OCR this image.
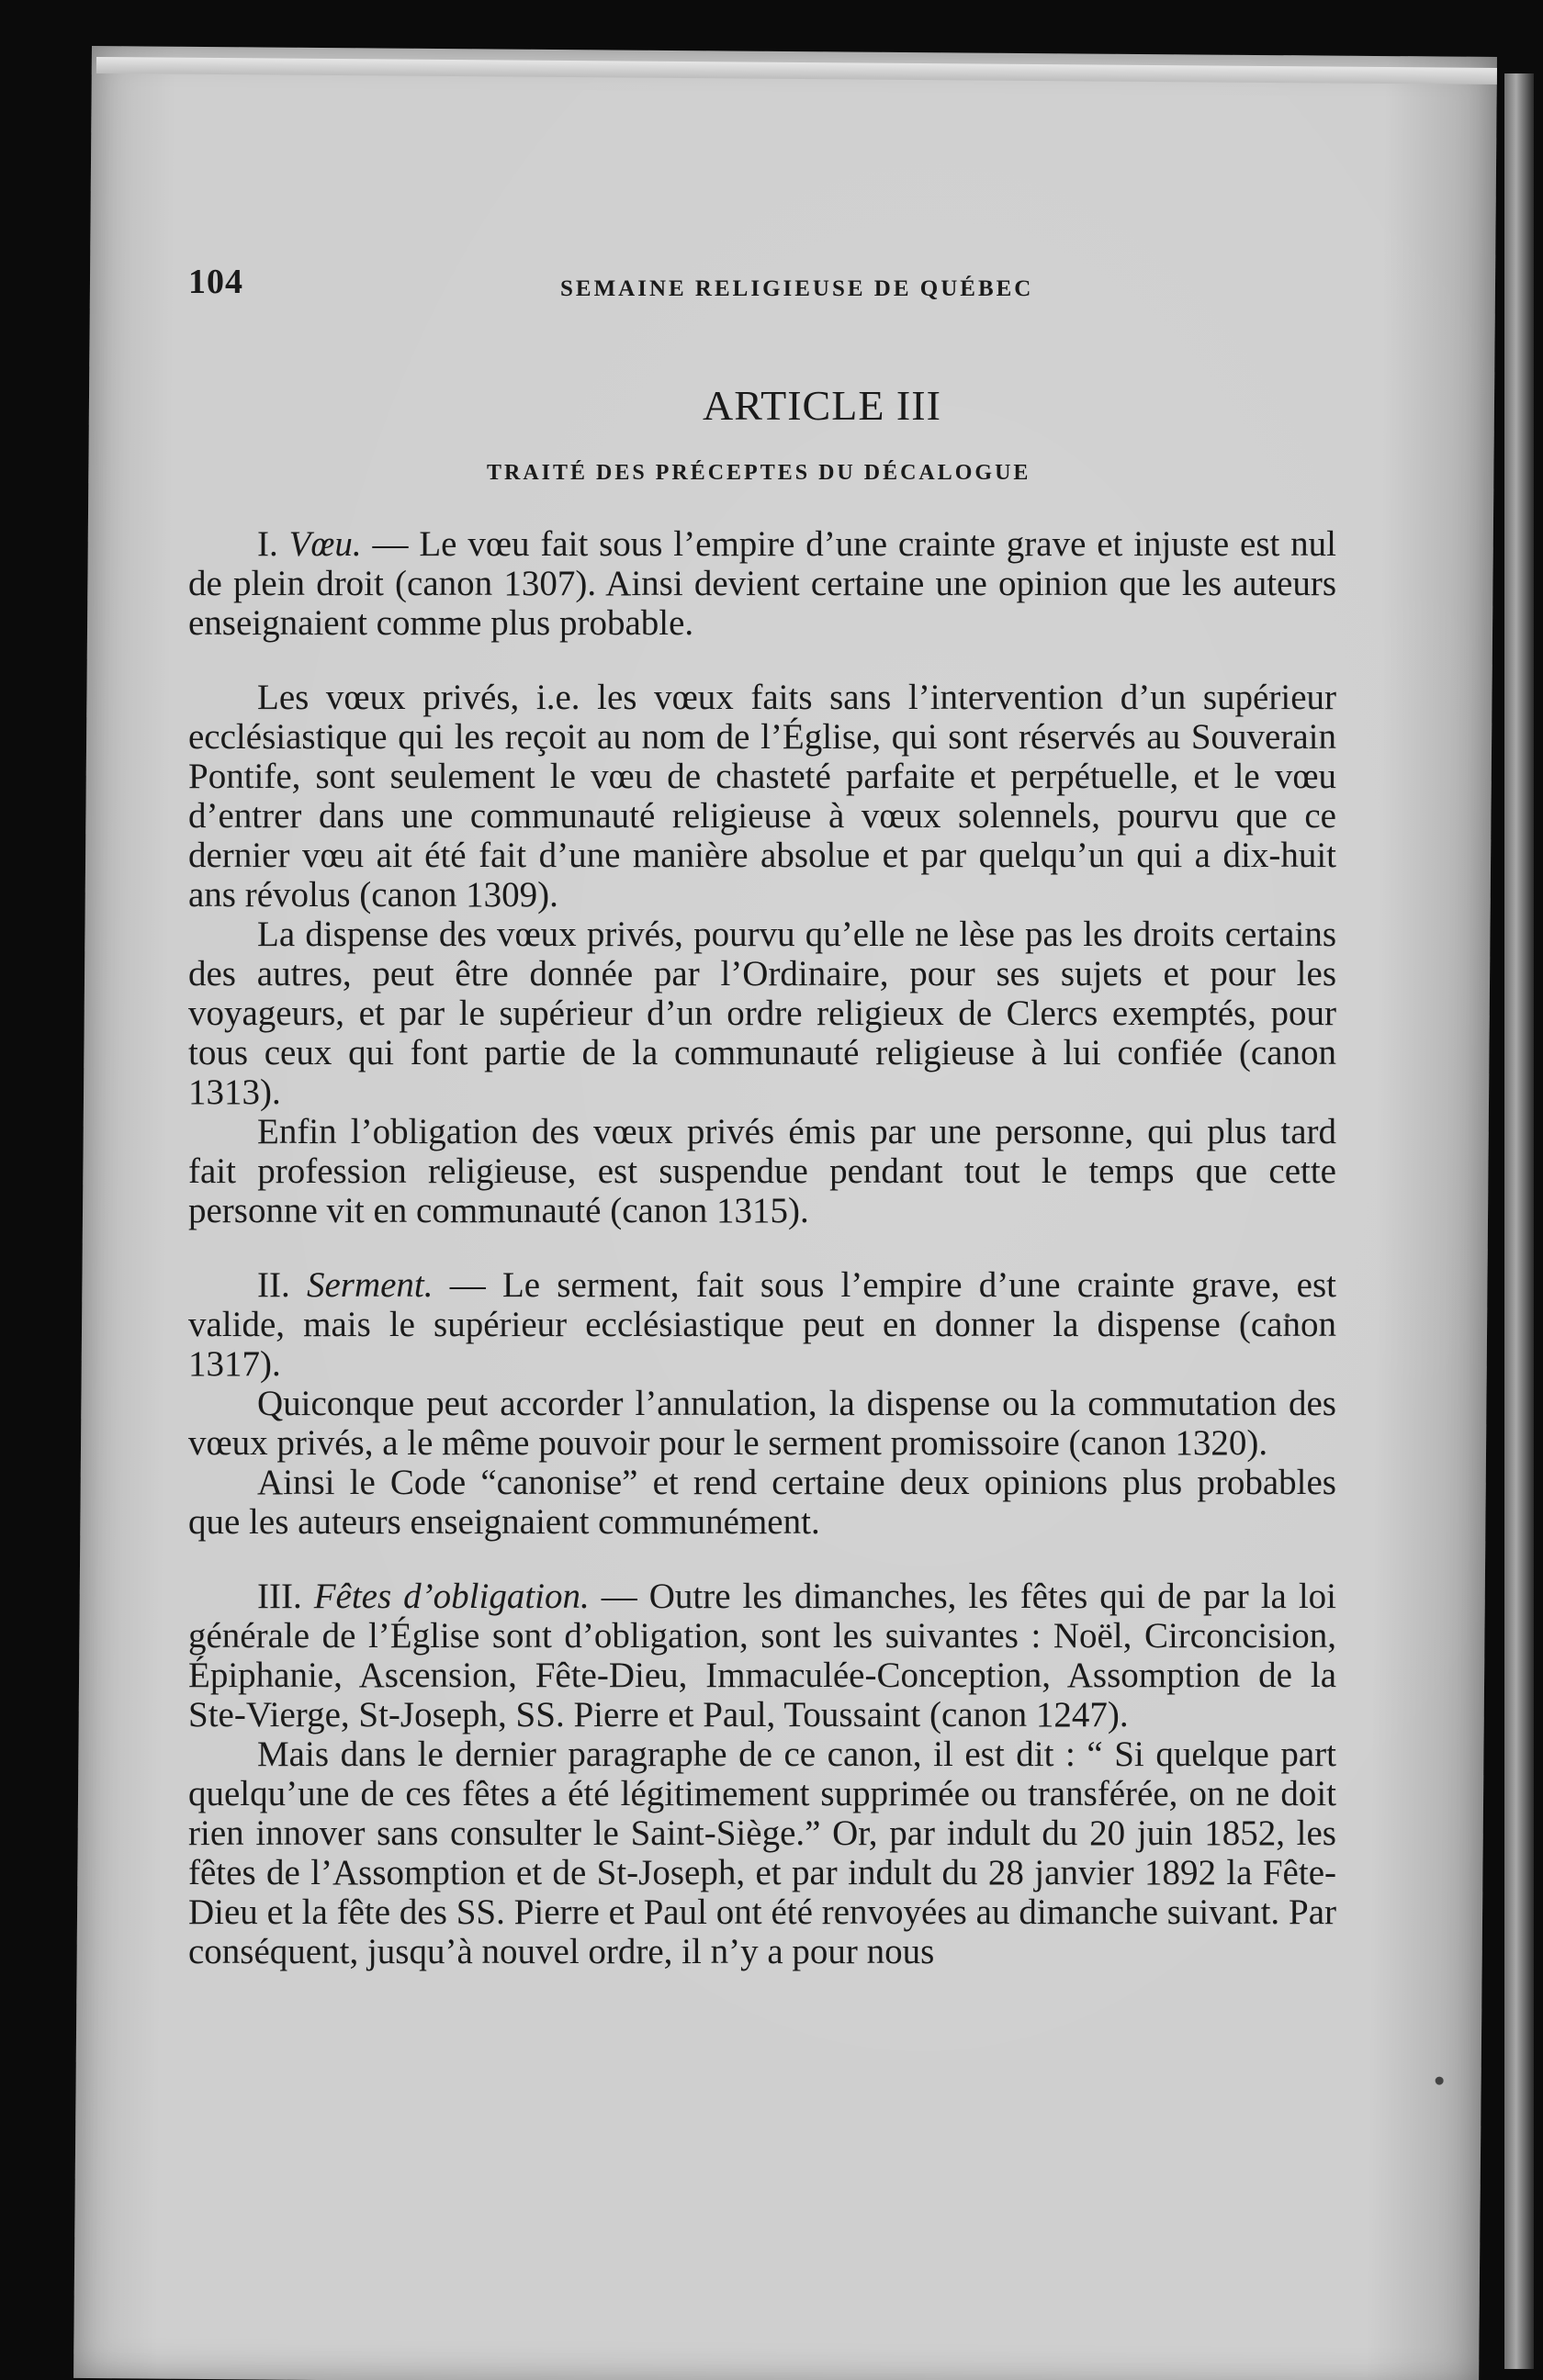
104	SEMAINE RELIGIEUSE DE QUÉBEC
ARTICLE III
TRAITÉ DES PRÉCEPTES DU DÉCALOGUE

I. Vœu. — Le vœu fait sous l’empire d’une crainte grave et injuste est nul de plein droit (canon 1307). Ainsi devient certaine une opinion que les auteurs enseignaient comme plus probable.

Les vœux privés, i.e. les vœux faits sans l’intervention d’un supérieur ecclésiastique qui les reçoit au nom de l’Église, qui sont réservés au Souverain Pontife, sont seulement le vœu de chasteté parfaite et perpétuelle, et le vœu d’entrer dans une communauté religieuse à vœux solennels, pourvu que ce dernier vœu ait été fait d’une manière absolue et par quelqu’un qui a dix-huit ans révolus (canon 1309).

La dispense des vœux privés, pourvu qu’elle ne lèse pas les droits certains des autres, peut être donnée par l’Ordinaire, pour ses sujets et pour les voyageurs, et par le supérieur d’un ordre religieux de Clercs exemptés, pour tous ceux qui font partie de la communauté religieuse à lui confiée (canon 1313).

Enfin l’obligation des vœux privés émis par une personne, qui plus tard fait profession religieuse, est suspendue pendant tout le temps que cette personne vit en communauté (canon 1315).

II. Serment. — Le serment, fait sous l’empire d’une crainte grave, est valide, mais le supérieur ecclésiastique peut en donner la dispense (canon 1317).

Quiconque peut accorder l’annulation, la dispense ou la commutation des vœux privés, a le même pouvoir pour le serment promissoire (canon 1320).

Ainsi le Code “canonise” et rend certaine deux opinions plus probables que les auteurs enseignaient communément.

III. Fêtes d’obligation. — Outre les dimanches, les fêtes qui de par la loi générale de l’Église sont d’obligation, sont les suivantes : Noël, Circoncision, Épiphanie, Ascension, Fête-Dieu, Immaculée-Conception, Assomption de la Ste-Vierge, St-Joseph, SS. Pierre et Paul, Toussaint (canon 1247).

Mais dans le dernier paragraphe de ce canon, il est dit : “ Si quelque part quelqu’une de ces fêtes a été légitimement supprimée ou transférée, on ne doit rien innover sans consulter le Saint-Siège.” Or, par indult du 20 juin 1852, les fêtes de l’Assomption et de St-Joseph, et par indult du 28 janvier 1892 la Fête-Dieu et la fête des SS. Pierre et Paul ont été renvoyées au dimanche suivant. Par conséquent, jusqu’à nouvel ordre, il n’y a pour nous
